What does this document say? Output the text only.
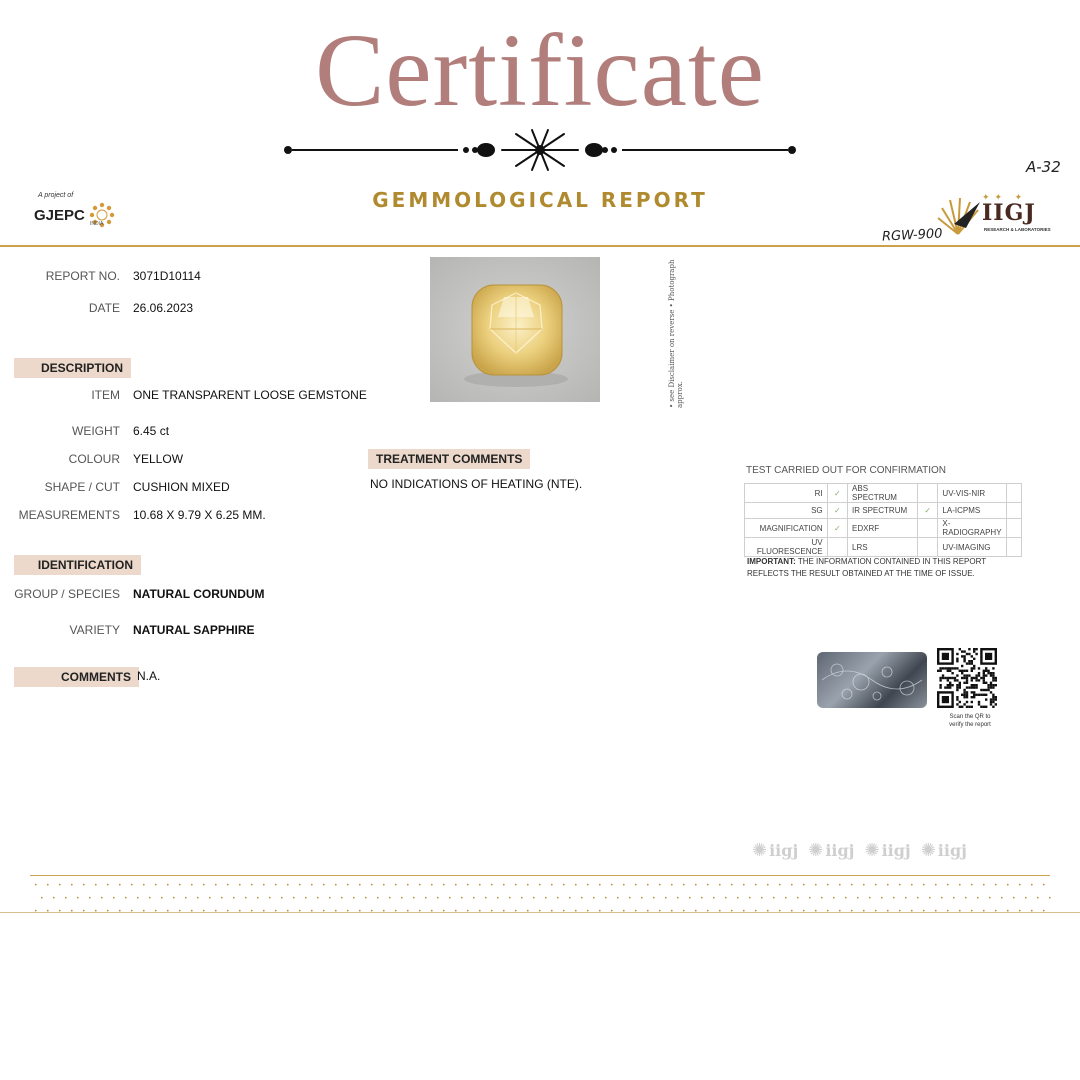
Certificate
A-32
A project of
GJEPC
INDIA
GEMMOLOGICAL REPORT	✦✦ ✦
IIGJ
RESEARCH & LABORATORIES
RGW-900
REPORT NO. 3071D10114
DATE 26.06.2023
DESCRIPTION
ITEM ONE TRANSPARENT LOOSE GEMSTONE
WEIGHT 6.45 ct
COLOUR YELLOW
SHAPE / CUT CUSHION MIXED
MEASUREMENTS 10.68 X 9.79 X 6.25 MM.
IDENTIFICATION
GROUP / SPECIES NATURAL CORUNDUM
VARIETY NATURAL SAPPHIRE
COMMENTS N.A.
• see Disclaimer on reverse • Photograph approx.
TREATMENT COMMENTS
NO INDICATIONS OF HEATING (NTE).
TEST CARRIED OUT FOR CONFIRMATION
RI	✓	ABS SPECTRUM		UV-VIS-NIR	
SG	✓	IR SPECTRUM	✓	LA-ICPMS	
MAGNIFICATION	✓	EDXRF		X-RADIOGRAPHY	
UV FLUORESCENCE		LRS		UV-IMAGING	
IMPORTANT: THE INFORMATION CONTAINED IN THIS REPORT REFLECTS THE RESULT OBTAINED AT THE TIME OF ISSUE.
Scan the QR to
verify the report
✺ iigj ✺ iigj ✺ iigj ✺ iigj
• • • • • • • • • • • • • • • • • • • • • • • • • • • • • • • • • • • • • • • • • • • • • • • • • • • • • • • • • • • • • • • • • • • • • • • • • • • • • • • • • • • • •
• • • • • • • • • • • • • • • • • • • • • • • • • • • • • • • • • • • • • • • • • • • • • • • • • • • • • • • • • • • • • • • • • • • • • • • • • • • • • • • • • • • • •
